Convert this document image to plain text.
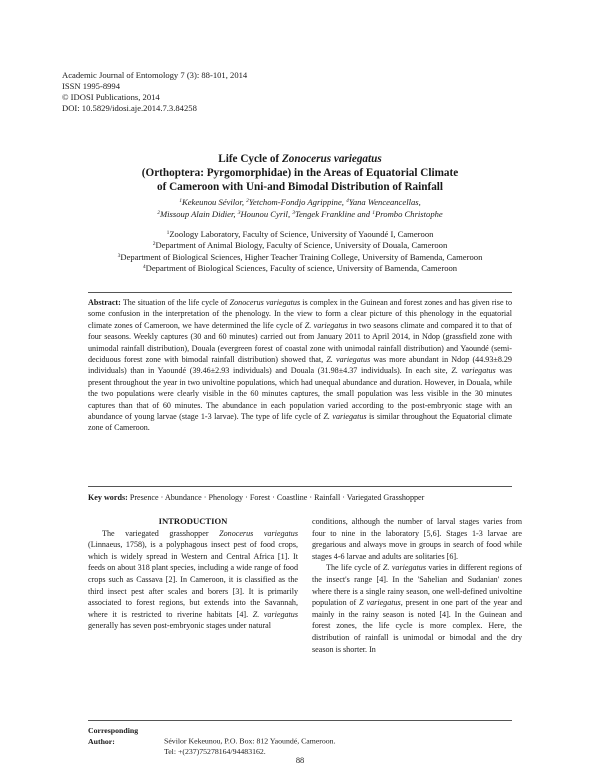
Academic Journal of Entomology 7 (3): 88-101, 2014
ISSN 1995-8994
© IDOSI Publications, 2014
DOI: 10.5829/idosi.aje.2014.7.3.84258
Life Cycle of Zonocerus variegatus
(Orthoptera: Pyrgomorphidae) in the Areas of Equatorial Climate
of Cameroon with Uni-and Bimodal Distribution of Rainfall
$^1$Kekeunou Sévilor, $^2$Yetchom-Fondjo Agrippine, $^4$Yana Wenceancellas,
$^2$Missoup Alain Didier, $^3$Hounou Cyril, $^3$Tengek Frankline and $^1$Prombo Christophe
$^1$Zoology Laboratory, Faculty of Science, University of Yaoundé I, Cameroon
$^2$Department of Animal Biology, Faculty of Science, University of Douala, Cameroon
$^3$Department of Biological Sciences, Higher Teacher Training College, University of Bamenda, Cameroon
$^4$Department of Biological Sciences, Faculty of science, University of Bamenda, Cameroon
Abstract: The situation of the life cycle of Zonocerus variegatus is complex in the Guinean and forest zones and has given rise to some confusion in the interpretation of the phenology. In the view to form a clear picture of this phenology in the equatorial climate zones of Cameroon, we have determined the life cycle of Z. variegatus in two seasons climate and compared it to that of four seasons. Weekly captures (30 and 60 minutes) carried out from January 2011 to April 2014, in Ndop (grassfield zone with unimodal rainfall distribution), Douala (evergreen forest of coastal zone with unimodal rainfall distribution) and Yaoundé (semi-deciduous forest zone with bimodal rainfall distribution) showed that, Z. variegatus was more abundant in Ndop (44.93±8.29 individuals) than in Yaoundé (39.46±2.93 individuals) and Douala (31.98±4.37 individuals). In each site, Z. variegatus was present throughout the year in two univoltine populations, which had unequal abundance and duration. However, in Douala, while the two populations were clearly visible in the 60 minutes captures, the small population was less visible in the 30 minutes captures than that of 60 minutes. The abundance in each population varied according to the post-embryonic stage with an abundance of young larvae (stage 1-3 larvae). The type of life cycle of Z. variegatus is similar throughout the Equatorial climate zone of Cameroon.
Key words: Presence · Abundance · Phenology · Forest · Coastline · Rainfall · Variegated Grasshopper

INTRODUCTION

The variegated grasshopper Zonocerus variegatus (Linnaeus, 1758), is a polyphagous insect pest of food crops, which is widely spread in Western and Central Africa [1]. It feeds on about 318 plant species, including a wide range of food crops such as Cassava [2]. In Cameroon, it is classified as the third insect pest after scales and borers [3]. It is primarily associated to forest regions, but extends into the Savannah, where it is restricted to riverine habitats [4]. Z. variegatus generally has seven post-embryonic stages under natural

conditions, although the number of larval stages varies from four to nine in the laboratory [5,6]. Stages 1-3 larvae are gregarious and always move in groups in search of food while stages 4-6 larvae and adults are solitaries [6].

The life cycle of Z. variegatus varies in different regions of the insect's range [4]. In the 'Sahelian and Sudanian' zones where there is a single rainy season, one well-defined univoltine population of Z variegatus, present in one part of the year and mainly in the rainy season is noted [4]. In the Guinean and forest zones, the life cycle is more complex. Here, the distribution of rainfall is unimodal or bimodal and the dry season is shorter. In

Corresponding Author:	Sévilor Kekeunou, P.O. Box: 812 Yaoundé, Cameroon.
Tel: +(237)75278164/94483162.
88
